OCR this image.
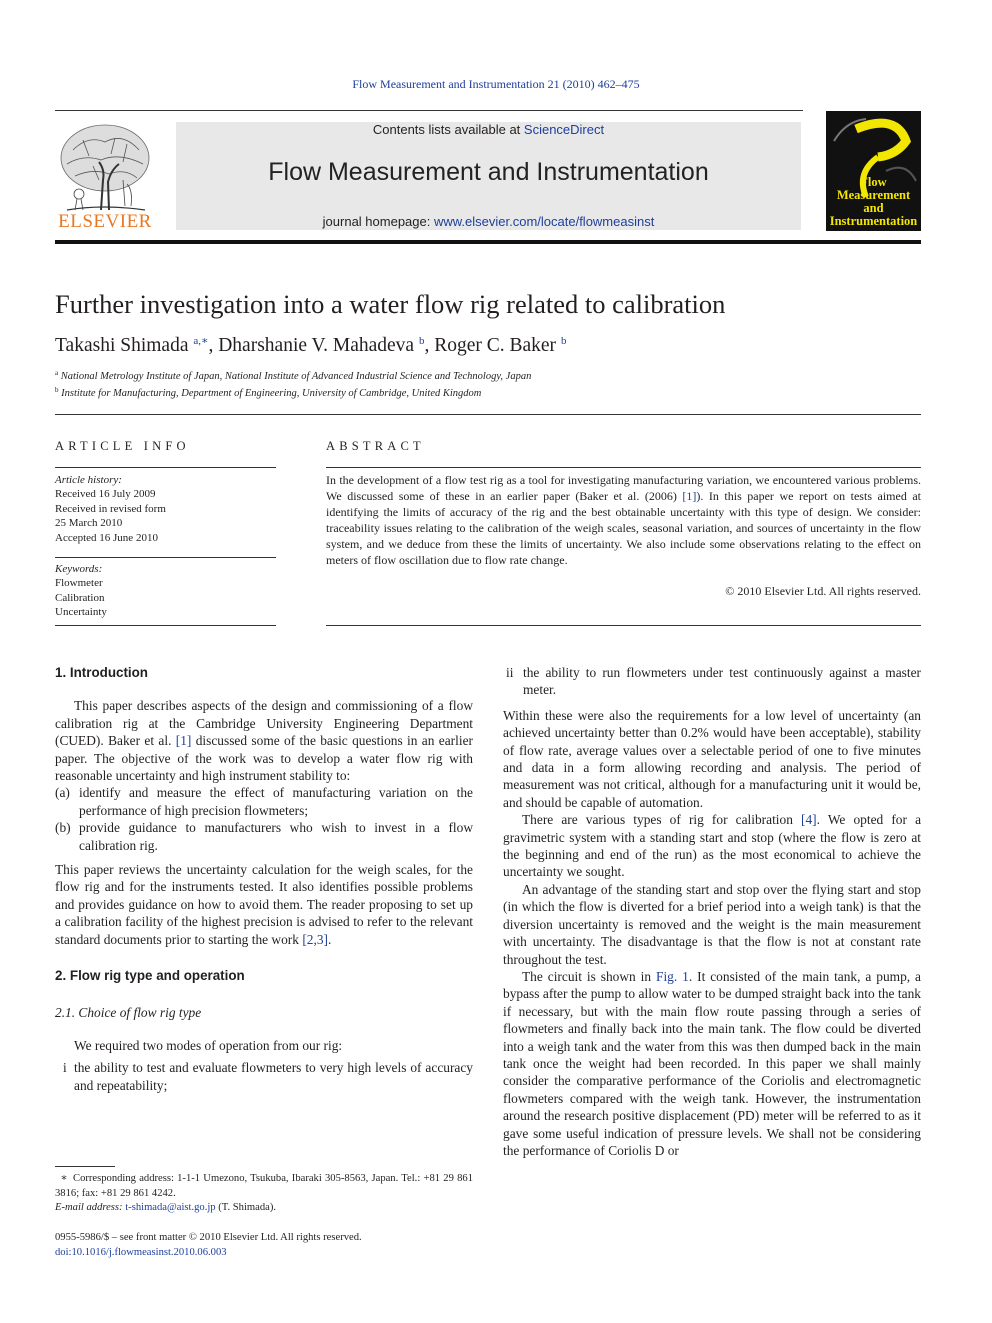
Flow Measurement and Instrumentation 21 (2010) 462–475
ELSEVIER
Contents lists available at ScienceDirect
Flow Measurement and Instrumentation
journal homepage: www.elsevier.com/locate/flowmeasinst
Flow Measurement
and Instrumentation
Further investigation into a water flow rig related to calibration
Takashi Shimada $^{a,∗}$, Dharshanie V. Mahadeva $^b$, Roger C. Baker $^b$
$^a$ National Metrology Institute of Japan, National Institute of Advanced Industrial Science and Technology, Japan
$^b$ Institute for Manufacturing, Department of Engineering, University of Cambridge, United Kingdom
ARTICLE INFO
Article history:
Received 16 July 2009
Received in revised form
25 March 2010
Accepted 16 June 2010
Keywords:
Flowmeter
Calibration
Uncertainty
ABSTRACT
In the development of a flow test rig as a tool for investigating manufacturing variation, we encountered various problems. We discussed some of these in an earlier paper (Baker et al. (2006) [1]). In this paper we report on tests aimed at identifying the limits of accuracy of the rig and the best obtainable uncertainty with this type of design. We consider: traceability issues relating to the calibration of the weigh scales, seasonal variation, and sources of uncertainty in the flow system, and we deduce from these the limits of uncertainty. We also include some observations relating to the effect on meters of flow oscillation due to flow rate change.
© 2010 Elsevier Ltd. All rights reserved.

1. Introduction

This paper describes aspects of the design and commissioning of a flow calibration rig at the Cambridge University Engineering Department (CUED). Baker et al. [1] discussed some of the basic questions in an earlier paper. The objective of the work was to develop a water flow rig with reasonable uncertainty and high instrument stability to:

(a) identify and measure the effect of manufacturing variation on the performance of high precision flowmeters;
(b) provide guidance to manufacturers who wish to invest in a flow calibration rig.

This paper reviews the uncertainty calculation for the weigh scales, for the flow rig and for the instruments tested. It also identifies possible problems and provides guidance on how to avoid them. The reader proposing to set up a calibration facility of the highest precision is advised to refer to the relevant standard documents prior to starting the work [2,3].

2. Flow rig type and operation

2.1. Choice of flow rig type

We required two modes of operation from our rig:

i the ability to test and evaluate flowmeters to very high levels of accuracy and repeatability;
ii the ability to run flowmeters under test continuously against a master meter.

Within these were also the requirements for a low level of uncertainty (an achieved uncertainty better than 0.2% would have been acceptable), stability of flow rate, average values over a selectable period of one to five minutes and data in a form allowing recording and analysis. The period of measurement was not critical, although for a manufacturing unit it would be, and should be capable of automation.

There are various types of rig for calibration [4]. We opted for a gravimetric system with a standing start and stop (where the flow is zero at the beginning and end of the run) as the most economical to achieve the uncertainty we sought.

An advantage of the standing start and stop over the flying start and stop (in which the flow is diverted for a brief period into a weigh tank) is that the diversion uncertainty is removed and the weight is the main measurement with uncertainty. The disadvantage is that the flow is not at constant rate throughout the test.

The circuit is shown in Fig. 1. It consisted of the main tank, a pump, a bypass after the pump to allow water to be dumped straight back into the tank if necessary, but with the main flow route passing through a series of flowmeters and finally back into the main tank. The flow could be diverted into a weigh tank and the water from this was then dumped back in the main tank once the weight had been recorded. In this paper we shall mainly consider the comparative performance of the Coriolis and electromagnetic flowmeters compared with the weigh tank. However, the instrumentation around the research positive displacement (PD) meter will be referred to as it gave some useful indication of pressure levels. We shall not be considering the performance of Coriolis D or

∗ Corresponding address: 1-1-1 Umezono, Tsukuba, Ibaraki 305-8563, Japan. Tel.: +81 29 861 3816; fax: +81 29 861 4242.
E-mail address: t-shimada@aist.go.jp (T. Shimada).
0955-5986/$ – see front matter © 2010 Elsevier Ltd. All rights reserved.
doi:10.1016/j.flowmeasinst.2010.06.003
